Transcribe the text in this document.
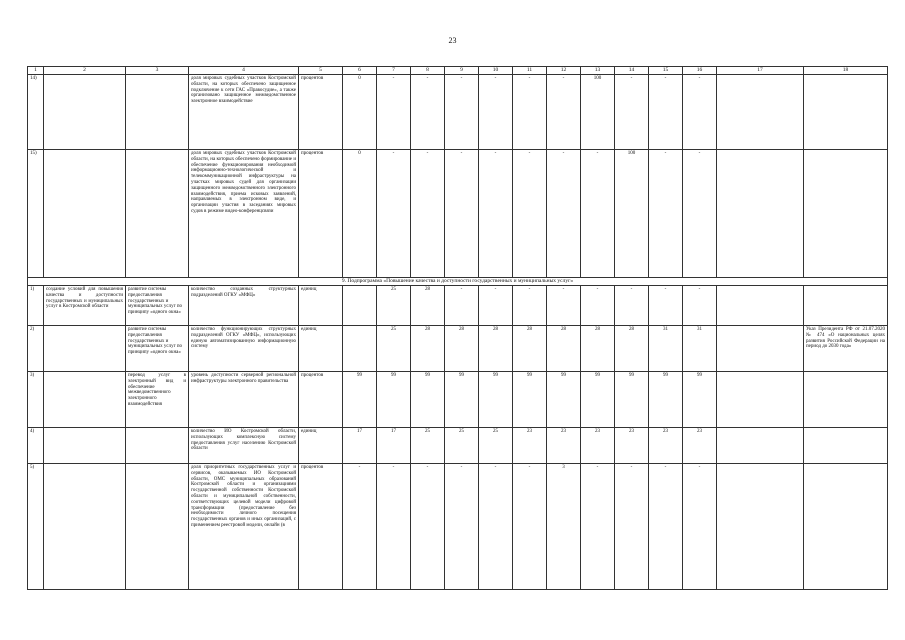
23
1	2	3	4	5	6	7	8	9	10	11	12	13	14	15	16	17	18
14)			доля мировых судебных участков Костромской области, на которых обеспечено защищенное подключение к сети ГАС «Правосудие», а также организовано защищенное межведомственное электронное взаимодействие	процентов	0	-	-	-	-	-	-	100	-	-	-		
15)			доля мировых судебных участков Костромской области, на которых обеспечено формирование и обеспечение функционирования необходимой информационно-технологической и телекоммуникационной инфраструктуры на участках мировых судей для организации защищенного межведомственного электронного взаимодействия, приема исковых заявлений, направляемых в электронном виде, и организации участия в заседаниях мировых судов в режиме видео-конференцсвязи	процентов	0	-	-	-	-	-	-	-	100	-	-		
9. Подпрограмма «Повышение качества и доступности государственных и муниципальных услуг»																	
1)	создание условий для повышения качества и доступности государственных и муниципальных услуг в Костромской области	развитие системы предоставления государственных и муниципальных услуг по принципу «одного окна»	количество созданных структурных подразделений ОГКУ «МФЦ»	единиц		25	28	-	-	-	-	-	-	-	-		
2)		развитие системы предоставления государственных и муниципальных услуг по принципу «одного окна»	количество функционирующих структурных подразделений ОГКУ «МФЦ», использующих единую автоматизированную информационную систему	единиц		25	28	28	28	28	28	28	28	31	31		Указ Президента РФ от 21.07.2020 № 474 «О национальных целях развития Российской Федерации на период до 2030 года»
3)		перевод услуг в электронный вид и обеспечение межведомственного электронного взаимодействия	уровень доступности серверной региональной инфраструктуры электронного правительства	процентов	99	99	99	99	99	99	99	99	99	99	99		
4)			количество ИО Костромской области, использующих комплексную систему предоставления услуг населению Костромской области	единиц	17	17	25	25	25	23	23	23	23	23	23		
5)			доля приоритетных государственных услуг и сервисов, оказываемых ИО Костромской области, ОМС муниципальных образований Костромской области и организациями государственной собственности Костромской области и муниципальной собственности, соответствующих целевой модели цифровой трансформации (предоставление без необходимости личного посещения государственных органов и иных организаций, с применением реестровой модели, онлайн (в	процентов	-	-	-	-	-	-	3	-	-	-	-		
